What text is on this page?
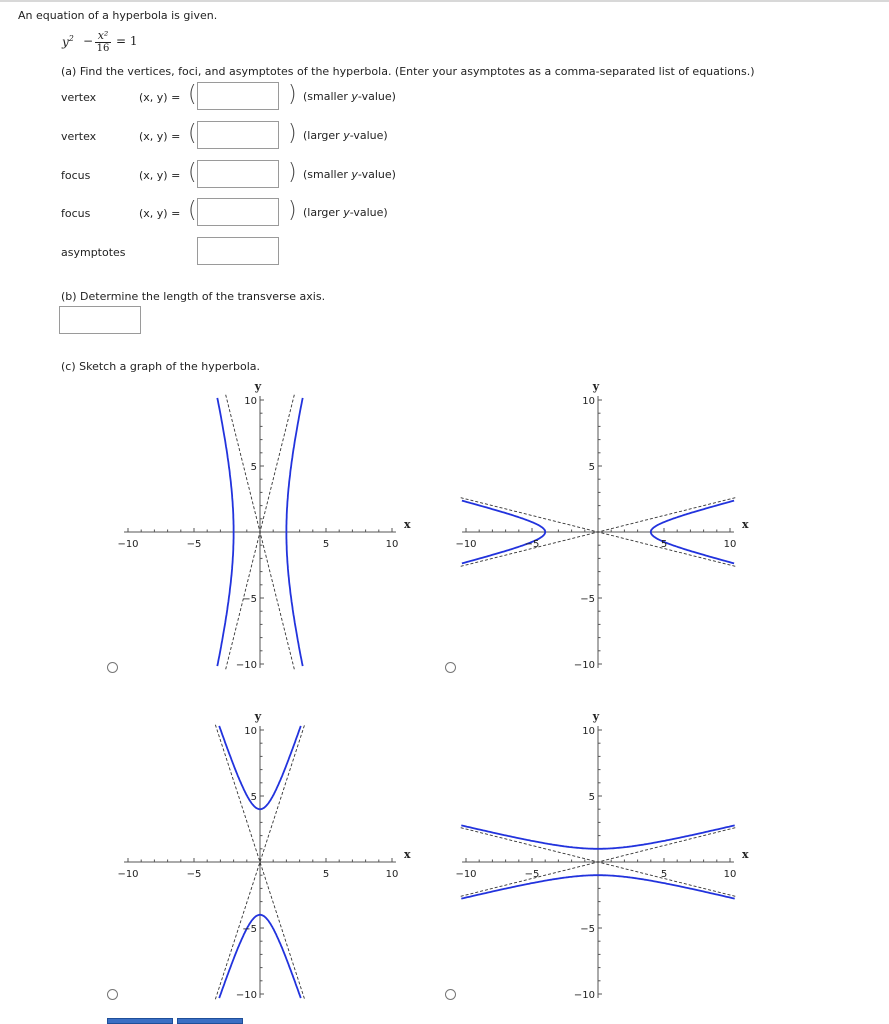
An equation of a hyperbola is given.
$y^2 - x^2$
16
= 1
(a) Find the vertices, foci, and asymptotes of the hyperbola. (Enter your asymptotes as a comma-separated list of equations.)
vertex	(x, y) = (	) (smaller y-value)
vertex	(x, y) = (	) (larger y-value)
focus	(x, y) = (	) (smaller y-value)
focus	(x, y) = (	) (larger y-value)
asymptotes
(b) Determine the length of the transverse axis.
(c) Sketch a graph of the hyperbola.
−10	−5	5	10
10
5
−5
−10
x
y
−10	−5	5	10
10
5
−5
−10
x
y
−10	−5	5	10
10
5
−5
−10
x
y
−10	−5	5	10
10
5
−5
−10
x
y
